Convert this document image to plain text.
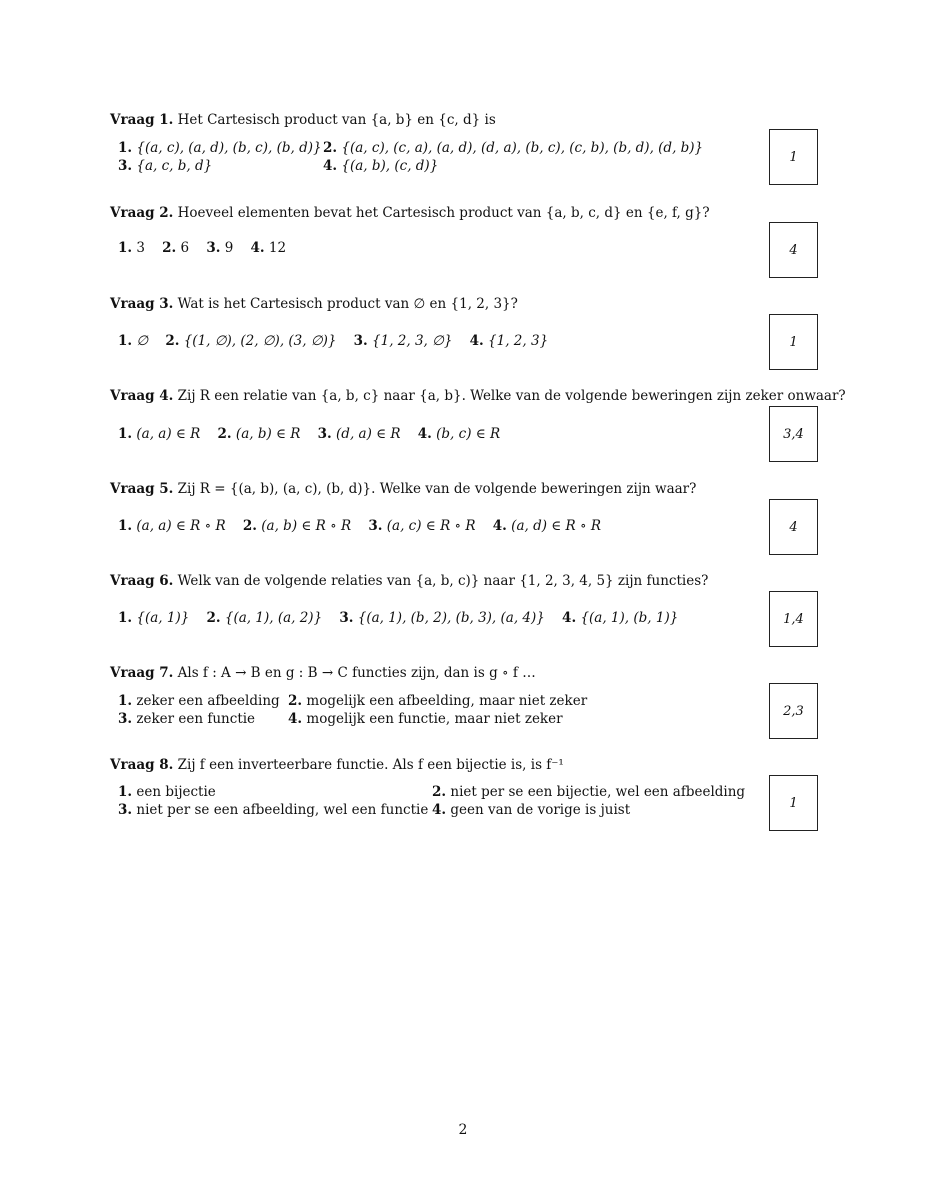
Vraag 1. Het Cartesisch product van {a, b} en {c, d} is
1. {(a, c), (a, d), (b, c), (b, d)} 2. {(a, c), (c, a), (a, d), (d, a), (b, c), (c, b), (b, d), (d, b)}
3. {a, c, b, d}	4. {(a, b), (c, d)}
1
Vraag 2. Hoeveel elementen bevat het Cartesisch product van {a, b, c, d} en {e, f, g}?
1. 3 2. 6 3. 9 4. 12	4
Vraag 3. Wat is het Cartesisch product van ∅ en {1, 2, 3}?
1. ∅ 2. {(1, ∅), (2, ∅), (3, ∅)} 3. {1, 2, 3, ∅} 4. {1, 2, 3}	1
Vraag 4. Zij R een relatie van {a, b, c} naar {a, b}. Welke van de volgende beweringen zijn zeker onwaar?
1. (a, a) ∈ R 2. (a, b) ∈ R 3. (d, a) ∈ R 4. (b, c) ∈ R	3,4
Vraag 5. Zij R = {(a, b), (a, c), (b, d)}. Welke van de volgende beweringen zijn waar?
1. (a, a) ∈ R ∘ R 2. (a, b) ∈ R ∘ R 3. (a, c) ∈ R ∘ R 4. (a, d) ∈ R ∘ R	4
Vraag 6. Welk van de volgende relaties van {a, b, c)} naar {1, 2, 3, 4, 5} zijn functies?
1. {(a, 1)} 2. {(a, 1), (a, 2)} 3. {(a, 1), (b, 2), (b, 3), (a, 4)} 4. {(a, 1), (b, 1)}	1,4
Vraag 7. Als f : A → B en g : B → C functies zijn, dan is g ∘ f …
1. zeker een afbeelding 2. mogelijk een afbeelding, maar niet zeker
3. zeker een functie 4. mogelijk een functie, maar niet zeker	2,3
Vraag 8. Zij f een inverteerbare functie. Als f een bijectie is, is f⁻¹
1. een bijectie	2. niet per se een bijectie, wel een afbeelding
3. niet per se een afbeelding, wel een functie 4. geen van de vorige is juist	1
2
